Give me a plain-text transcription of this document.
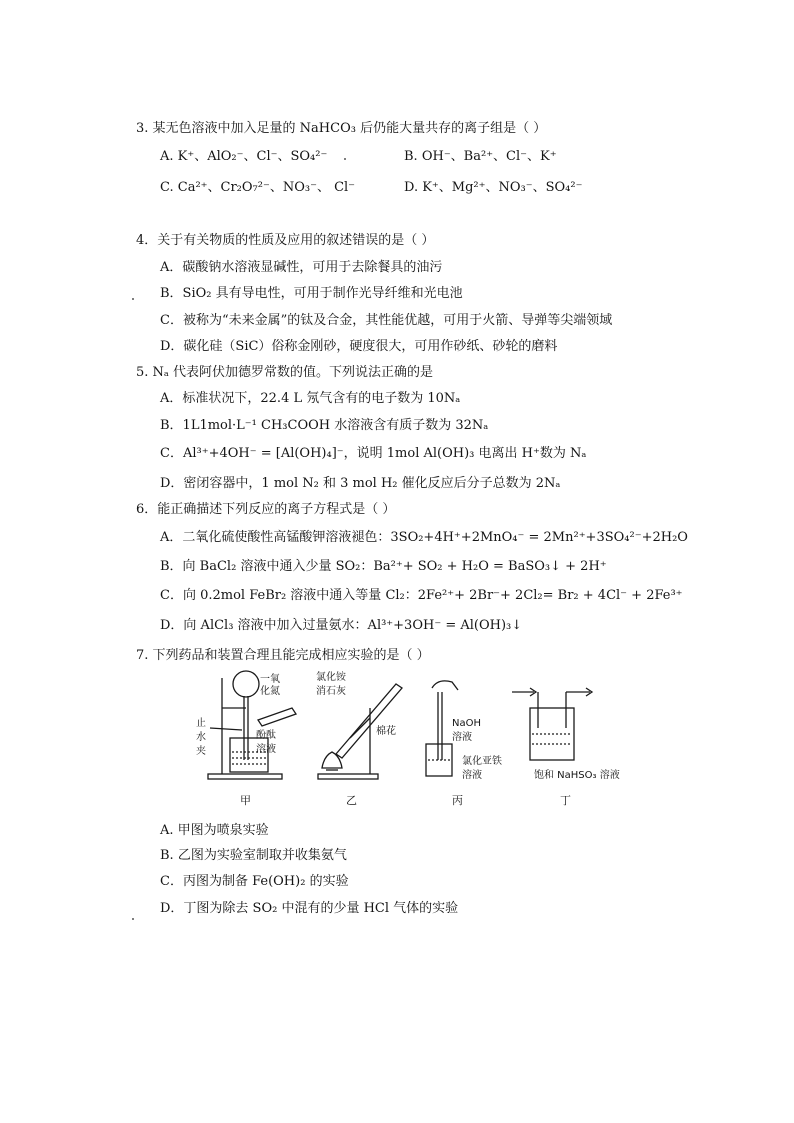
3. 某无色溶液中加入足量的 NaHCO₃ 后仍能大量共存的离子组是（ ）
A. K⁺、AlO₂⁻、Cl⁻、SO₄²⁻	B. OH⁻、Ba²⁺、Cl⁻、K⁺
C. Ca²⁺、Cr₂O₇²⁻、NO₃⁻、 Cl⁻	D. K⁺、Mg²⁺、NO₃⁻、SO₄²⁻
4．关于有关物质的性质及应用的叙述错误的是（ ）
A．碳酸钠水溶液显碱性，可用于去除餐具的油污
B．SiO₂ 具有导电性，可用于制作光导纤维和光电池
C．被称为“未来金属”的钛及合金，其性能优越，可用于火箭、导弹等尖端领域
D．碳化硅（SiC）俗称金刚砂，硬度很大，可用作砂纸、砂轮的磨料
5. Nₐ 代表阿伏加德罗常数的值。下列说法正确的是
A．标准状况下，22.4 L 氖气含有的电子数为 10Nₐ
B．1L1mol·L⁻¹ CH₃COOH 水溶液含有质子数为 32Nₐ
C．Al³⁺+4OH⁻ = [Al(OH)₄]⁻，说明 1mol Al(OH)₃ 电离出 H⁺数为 Nₐ
D．密闭容器中，1 mol N₂ 和 3 mol H₂ 催化反应后分子总数为 2Nₐ
6．能正确描述下列反应的离子方程式是（ ）
A．二氧化硫使酸性高锰酸钾溶液褪色：3SO₂+4H⁺+2MnO₄⁻ = 2Mn²⁺+3SO₄²⁻+2H₂O
B．向 BaCl₂ 溶液中通入少量 SO₂：Ba²⁺+ SO₂ + H₂O = BaSO₃↓ + 2H⁺
C．向 0.2mol FeBr₂ 溶液中通入等量 Cl₂：2Fe²⁺+ 2Br⁻+ 2Cl₂= Br₂ + 4Cl⁻ + 2Fe³⁺
D．向 AlCl₃ 溶液中加入过量氨水：Al³⁺+3OH⁻ = Al(OH)₃↓
7. 下列药品和装置合理且能完成相应实验的是（ ）
一氧
化氮
止
水
夹
酚酞
溶液
甲
氯化铵
消石灰
棉花
乙
NaOH
溶液
氯化亚铁
溶液
丙
饱和 NaHSO₃ 溶液
丁
A. 甲图为喷泉实验
B. 乙图为实验室制取并收集氨气
C．丙图为制备 Fe(OH)₂ 的实验
D．丁图为除去 SO₂ 中混有的少量 HCl 气体的实验
